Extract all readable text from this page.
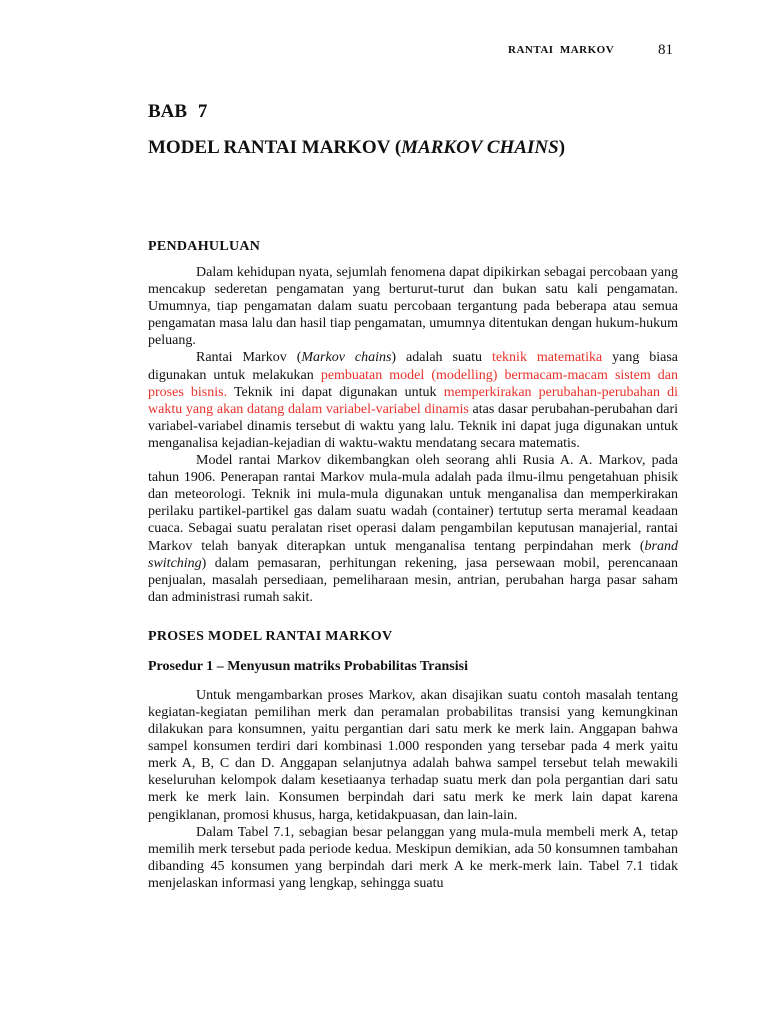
RANTAI MARKOV	81
BAB 7
MODEL RANTAI MARKOV (MARKOV CHAINS)
PENDAHULUAN

Dalam kehidupan nyata, sejumlah fenomena dapat dipikirkan sebagai percobaan yang mencakup sederetan pengamatan yang berturut-turut dan bukan satu kali pengamatan. Umumnya, tiap pengamatan dalam suatu percobaan tergantung pada beberapa atau semua pengamatan masa lalu dan hasil tiap pengamatan, umumnya ditentukan dengan hukum-hukum peluang.

Rantai Markov (Markov chains) adalah suatu teknik matematika yang biasa digunakan untuk melakukan pembuatan model (modelling) bermacam-macam sistem dan proses bisnis. Teknik ini dapat digunakan untuk memperkirakan perubahan-perubahan di waktu yang akan datang dalam variabel-variabel dinamis atas dasar perubahan-perubahan dari variabel-variabel dinamis tersebut di waktu yang lalu. Teknik ini dapat juga digunakan untuk menganalisa kejadian-kejadian di waktu-waktu mendatang secara matematis.

Model rantai Markov dikembangkan oleh seorang ahli Rusia A. A. Markov, pada tahun 1906. Penerapan rantai Markov mula-mula adalah pada ilmu-ilmu pengetahuan phisik dan meteorologi. Teknik ini mula-mula digunakan untuk menganalisa dan memperkirakan perilaku partikel-partikel gas dalam suatu wadah (container) tertutup serta meramal keadaan cuaca. Sebagai suatu peralatan riset operasi dalam pengambilan keputusan manajerial, rantai Markov telah banyak diterapkan untuk menganalisa tentang perpindahan merk (brand switching) dalam pemasaran, perhitungan rekening, jasa persewaan mobil, perencanaan penjualan, masalah persediaan, pemeliharaan mesin, antrian, perubahan harga pasar saham dan administrasi rumah sakit.

PROSES MODEL RANTAI MARKOV
Prosedur 1 – Menyusun matriks Probabilitas Transisi

Untuk mengambarkan proses Markov, akan disajikan suatu contoh masalah tentang kegiatan-kegiatan pemilihan merk dan peramalan probabilitas transisi yang kemungkinan dilakukan para konsumnen, yaitu pergantian dari satu merk ke merk lain. Anggapan bahwa sampel konsumen terdiri dari kombinasi 1.000 responden yang tersebar pada 4 merk yaitu merk A, B, C dan D. Anggapan selanjutnya adalah bahwa sampel tersebut telah mewakili keseluruhan kelompok dalam kesetiaanya terhadap suatu merk dan pola pergantian dari satu merk ke merk lain. Konsumen berpindah dari satu merk ke merk lain dapat karena pengiklanan, promosi khusus, harga, ketidakpuasan, dan lain-lain.

Dalam Tabel 7.1, sebagian besar pelanggan yang mula-mula membeli merk A, tetap memilih merk tersebut pada periode kedua. Meskipun demikian, ada 50 konsumnen tambahan dibanding 45 konsumen yang berpindah dari merk A ke merk-merk lain. Tabel 7.1 tidak menjelaskan informasi yang lengkap, sehingga suatu
